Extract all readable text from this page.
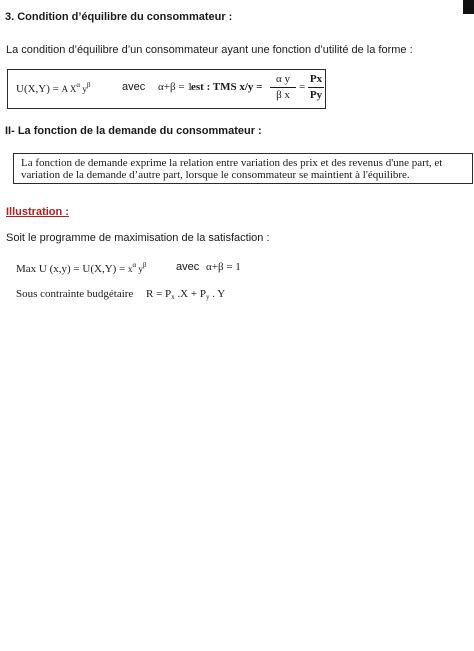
3. Condition d’équilibre du consommateur :
La condition d’équilibre d’un consommateur ayant une fonction d’utilité de la forme :
U(X,Y) = A $X^\alpha$ $y^\beta$	avec α+β = 1
est : TMS $x/y = \frac{\text{α y}}{\text{β x}} = \frac{Px}{Py}$
II- La fonction de la demande du consommateur :
La fonction de demande exprime la relation entre variation des prix et des revenus d'une part, et
variation de la demande d’autre part, lorsque le consommateur se maintient à l'équilibre.
Illustration :
Soit le programme de maximisation de la satisfaction :
Max U $(x,y) = U(X,Y) = x^\alpha$ $y^\beta$	avec α+β = 1
Sous contrainte budgétaire $R = P_x$ $.X + P_y$ . Y
